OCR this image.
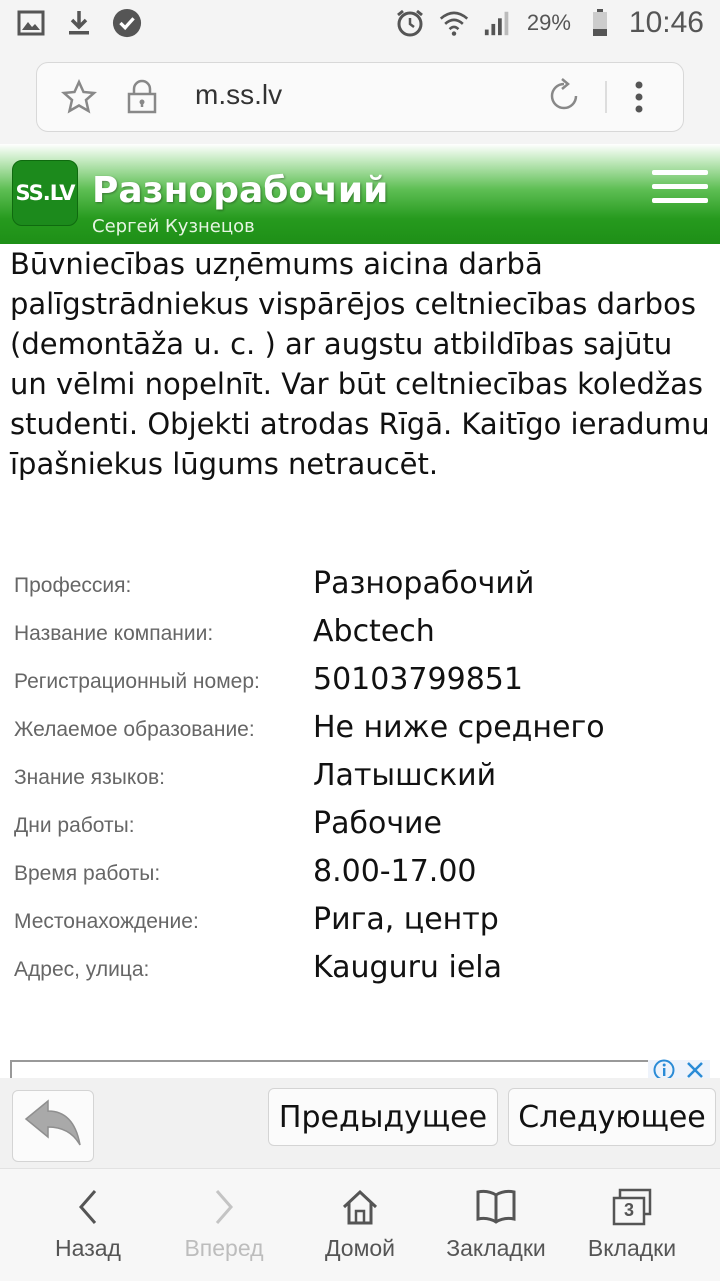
29% 10:46
m.ss.lv
SS.LV Разнорабочий
Сергей Кузнецов

Būvniecības uzņēmums aicina darbā palīgstrādniekus vispārējos celtniecības darbos (demontāža u. c. ) ar augstu atbildības sajūtu un vēlmi nopelnīt. Var būt celtniecības koledžas studenti. Objekti atrodas Rīgā. Kaitīgo ieradumu īpašniekus lūgums netraucēt.

Профессия:	Разнорабочий
Название компании:	Abctech
Регистрационный номер: 50103799851
Желаемое образование: Не ниже среднего
Знание языков:	Латышский
Дни работы:	Рабочие
Время работы:	8.00-17.00
Местонахождение:	Рига, центр
Адрес, улица:	Kauguru iela
Предыдущее	Следующее
Назад	Вперед	Домой	Закладки
3
Вкладки
